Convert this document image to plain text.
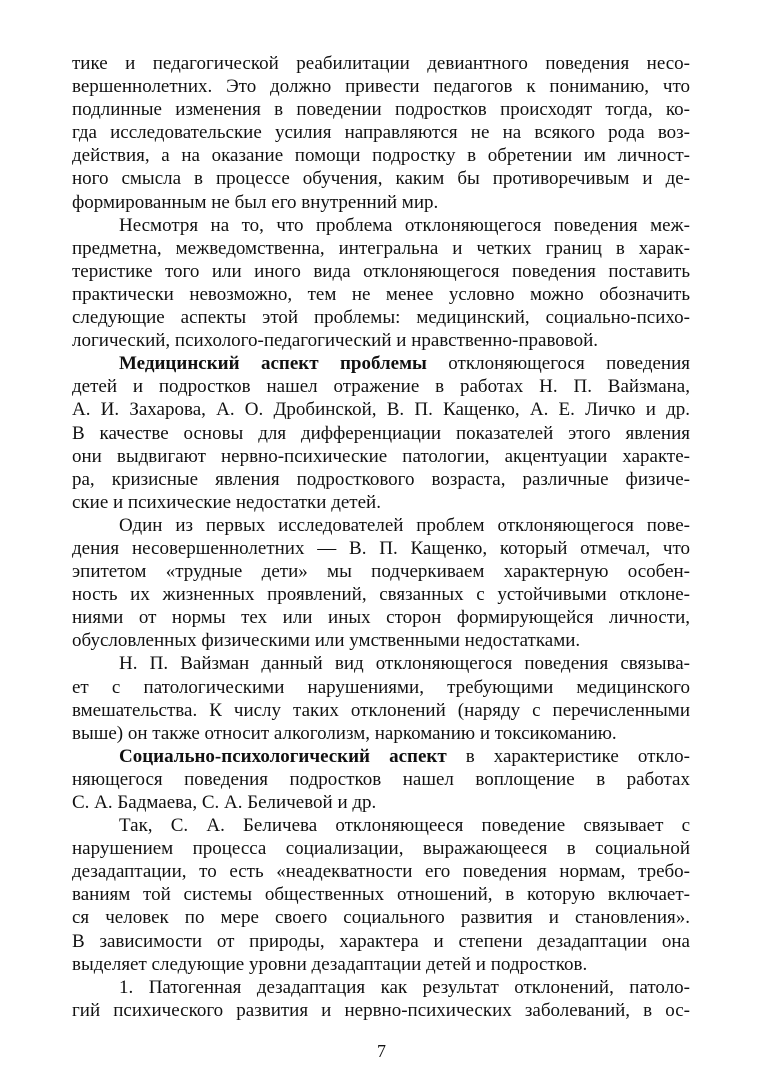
тике и педагогической реабилитации девиантного поведения несо-
вершеннолетних. Это должно привести педагогов к пониманию, что
подлинные изменения в поведении подростков происходят тогда, ко-
гда исследовательские усилия направляются не на всякого рода воз-
действия, а на оказание помощи подростку в обретении им личност-
ного смысла в процессе обучения, каким бы противоречивым и де-
формированным не был его внутренний мир.
Несмотря на то, что проблема отклоняющегося поведения меж-
предметна, межведомственна, интегральна и четких границ в харак-
теристике того или иного вида отклоняющегося поведения поставить
практически невозможно, тем не менее условно можно обозначить
следующие аспекты этой проблемы: медицинский, социально-психо-
логический, психолого-педагогический и нравственно-правовой.
Медицинский аспект проблемы отклоняющегося поведения
детей и подростков нашел отражение в работах Н. П. Вайзмана,
А. И. Захарова, А. О. Дробинской, В. П. Кащенко, А. Е. Личко и др.
В качестве основы для дифференциации показателей этого явления
они выдвигают нервно-психические патологии, акцентуации характе-
ра, кризисные явления подросткового возраста, различные физиче-
ские и психические недостатки детей.
Один из первых исследователей проблем отклоняющегося пове-
дения несовершеннолетних — В. П. Кащенко, который отмечал, что
эпитетом «трудные дети» мы подчеркиваем характерную особен-
ность их жизненных проявлений, связанных с устойчивыми отклоне-
ниями от нормы тех или иных сторон формирующейся личности,
обусловленных физическими или умственными недостатками.
Н. П. Вайзман данный вид отклоняющегося поведения связыва-
ет с патологическими нарушениями, требующими медицинского
вмешательства. К числу таких отклонений (наряду с перечисленными
выше) он также относит алкоголизм, наркоманию и токсикоманию.
Социально-психологический аспект в характеристике откло-
няющегося поведения подростков нашел воплощение в работах
С. А. Бадмаева, С. А. Беличевой и др.
Так, С. А. Беличева отклоняющееся поведение связывает с
нарушением процесса социализации, выражающееся в социальной
дезадаптации, то есть «неадекватности его поведения нормам, требо-
ваниям той системы общественных отношений, в которую включает-
ся человек по мере своего социального развития и становления».
В зависимости от природы, характера и степени дезадаптации она
выделяет следующие уровни дезадаптации детей и подростков.
1. Патогенная дезадаптация как результат отклонений, патоло-
гий психического развития и нервно-психических заболеваний, в ос-
7
